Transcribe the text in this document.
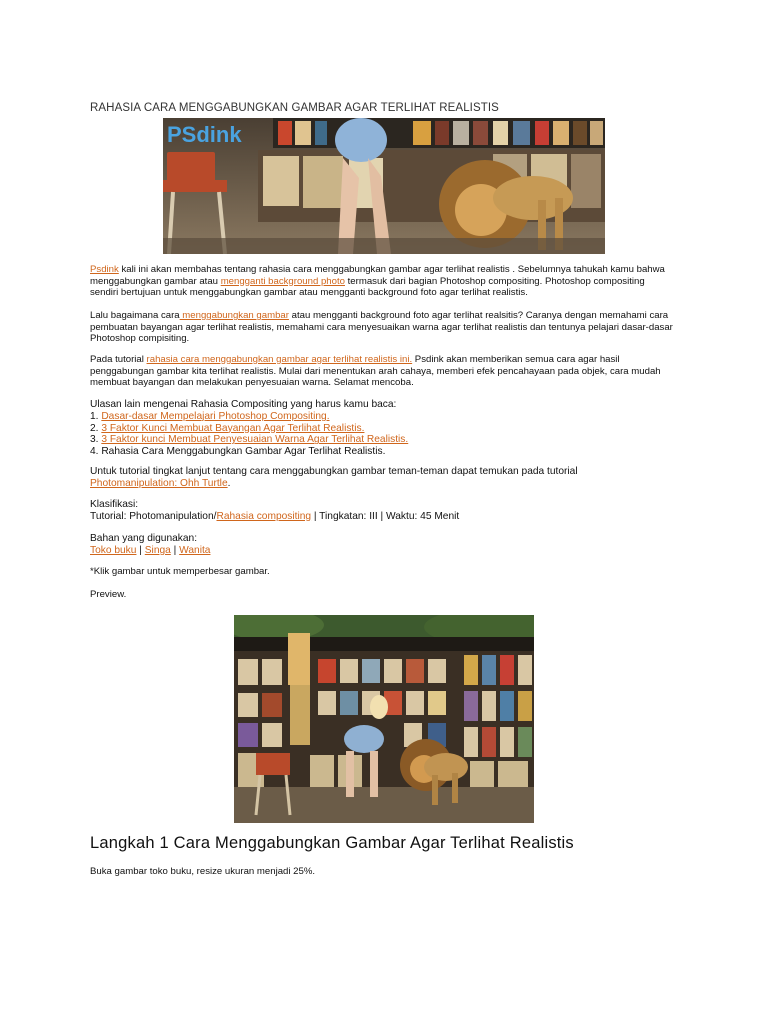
RAHASIA CARA MENGGABUNGKAN GAMBAR AGAR TERLIHAT REALISTIS
PSdink
Psdink kali ini akan membahas tentang rahasia cara menggabungkan gambar agar terlihat realistis . Sebelumnya tahukah kamu bahwa menggabungkan gambar atau mengganti background photo termasuk dari bagian Photoshop compositing. Photoshop compositing sendiri bertujuan untuk menggabungkan gambar atau mengganti background foto agar terlihat realistis.
Lalu bagaimana cara menggabungkan gambar atau mengganti background foto agar terlihat realsitis? Caranya dengan memahami cara pembuatan bayangan agar terlihat realistis, memahami cara menyesuaikan warna agar terlihat realistis dan tentunya pelajari dasar-dasar Photoshop compisiting.
Pada tutorial rahasia cara menggabungkan gambar agar terlihat realistis ini. Psdink akan memberikan semua cara agar hasil penggabungan gambar kita terlihat realistis. Mulai dari menentukan arah cahaya, memberi efek pencahayaan pada objek, cara mudah membuat bayangan dan melakukan penyesuaian warna. Selamat mencoba.
Ulasan lain mengenai Rahasia Compositing yang harus kamu baca:
1. Dasar-dasar Mempelajari Photoshop Compositing.
2. 3 Faktor Kunci Membuat Bayangan Agar Terlihat Realistis.
3. 3 Faktor kunci Membuat Penyesuaian Warna Agar Terlihat Realistis.
4. Rahasia Cara Menggabungkan Gambar Agar Terlihat Realistis.
Untuk tutorial tingkat lanjut tentang cara menggabungkan gambar teman-teman dapat temukan pada tutorial Photomanipulation: Ohh Turtle.
Klasifikasi:
Tutorial: Photomanipulation/Rahasia compositing | Tingkatan: III | Waktu: 45 Menit
Bahan yang digunakan:
Toko buku | Singa | Wanita
*Klik gambar untuk memperbesar gambar.
Preview.
Langkah 1 Cara Menggabungkan Gambar Agar Terlihat Realistis
Buka gambar toko buku, resize ukuran menjadi 25%.
